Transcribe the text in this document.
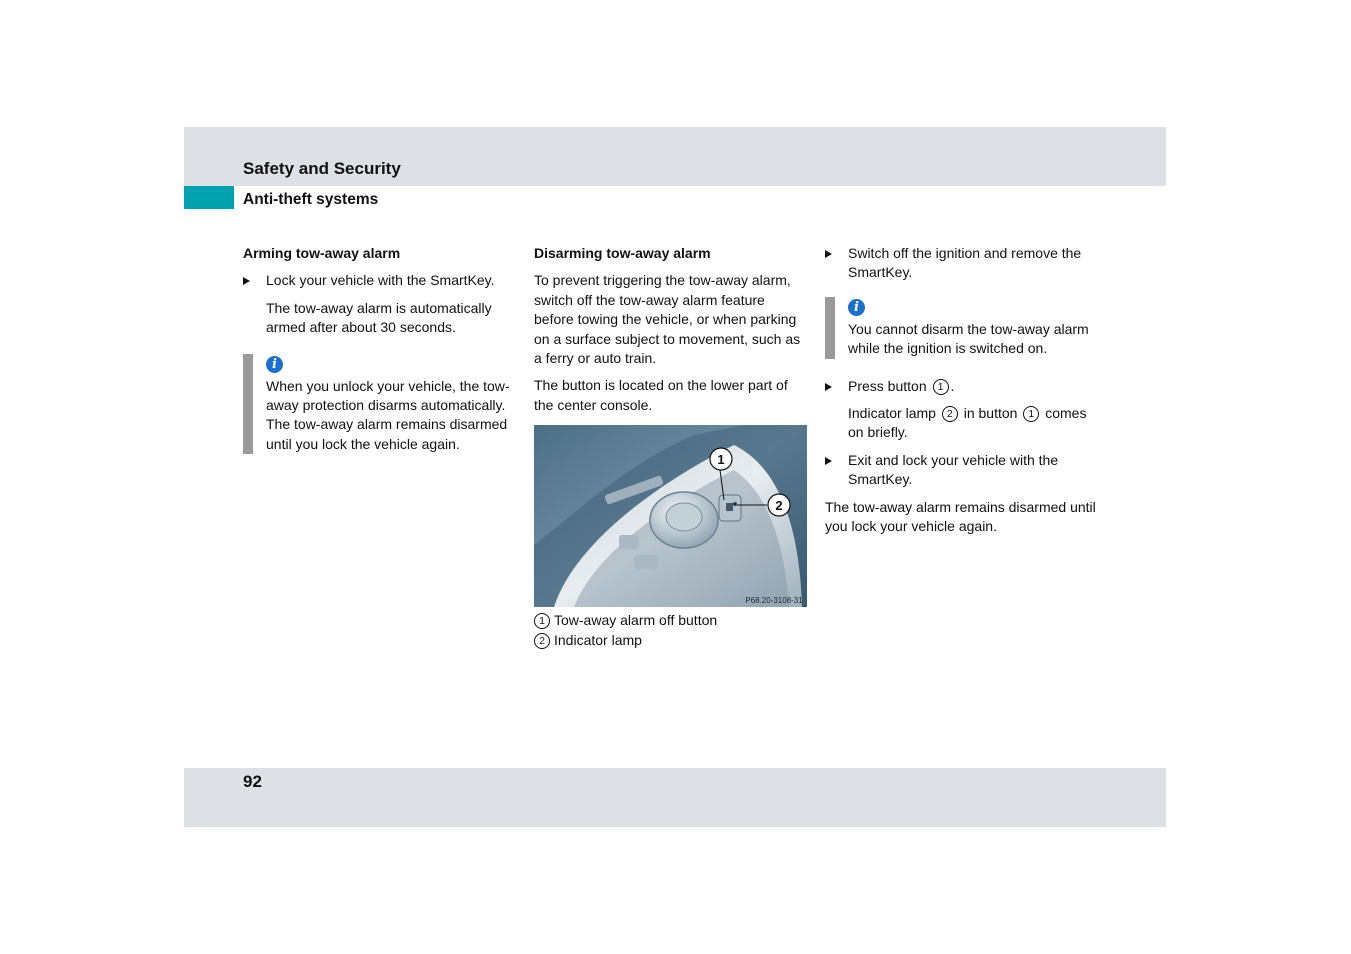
Safety and Security
Anti-theft systems
Arming tow-away alarm
Lock your vehicle with the SmartKey.

The tow-away alarm is automatically armed after about 30 seconds.

i
When you unlock your vehicle, the tow-away protection disarms automatically. The tow-away alarm remains disarmed until you lock the vehicle again.
Disarming tow-away alarm

To prevent triggering the tow-away alarm, switch off the tow-away alarm feature before towing the vehicle, or when parking on a surface subject to movement, such as a ferry or auto train.

The button is located on the lower part of the center console.

1
2
P68.20-3108-31
1 Tow-away alarm off button
2 Indicator lamp
Switch off the ignition and remove the SmartKey.
i
You cannot disarm the tow-away alarm while the ignition is switched on.
Press button 1 .

Indicator lamp 2 in button 1 comes on briefly.

Exit and lock your vehicle with the SmartKey.

The tow-away alarm remains disarmed until you lock your vehicle again.

92
